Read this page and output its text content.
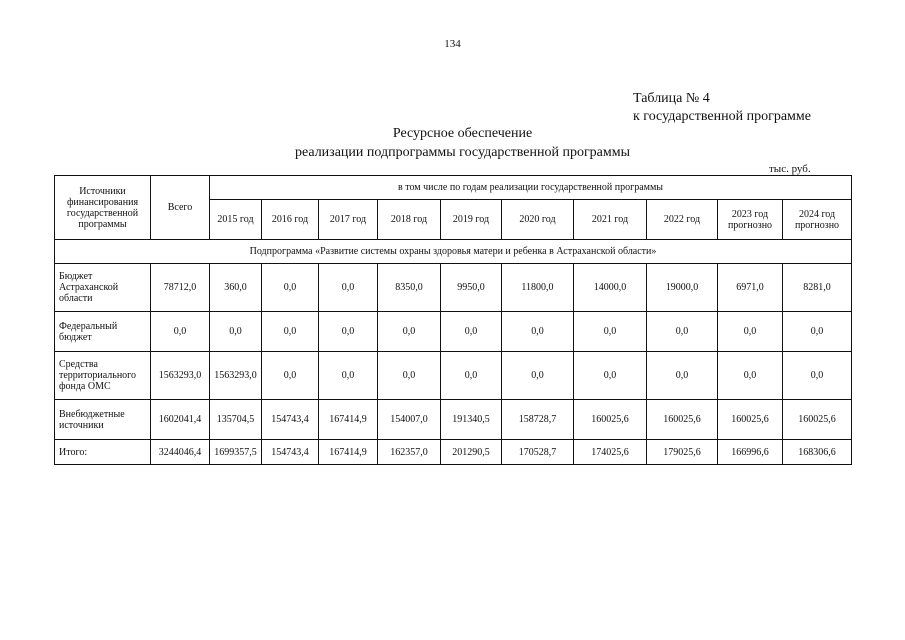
134
Таблица № 4
к государственной программе
Ресурсное обеспечение
реализации подпрограммы государственной программы
тыс. руб.
Источники финансирования государственной программы	Всего	в том числе по годам реализации государственной программы									
		2015 год	2016 год	2017 год	2018 год	2019 год	2020 год	2021 год	2022 год	2023 год прогнозно	2024 год прогнозно
Подпрограмма «Развитие системы охраны здоровья матери и ребенка в Астраханской области»											
Бюджет Астраханской области	78712,0	360,0	0,0	0,0	8350,0	9950,0	11800,0	14000,0	19000,0	6971,0	8281,0
Федеральный бюджет	0,0	0,0	0,0	0,0	0,0	0,0	0,0	0,0	0,0	0,0	0,0
Средства территориального фонда ОМС	1563293,0	1563293,0	0,0	0,0	0,0	0,0	0,0	0,0	0,0	0,0	0,0
Внебюджетные источники	1602041,4	135704,5	154743,4	167414,9	154007,0	191340,5	158728,7	160025,6	160025,6	160025,6	160025,6
Итого:	3244046,4	1699357,5	154743,4	167414,9	162357,0	201290,5	170528,7	174025,6	179025,6	166996,6	168306,6
